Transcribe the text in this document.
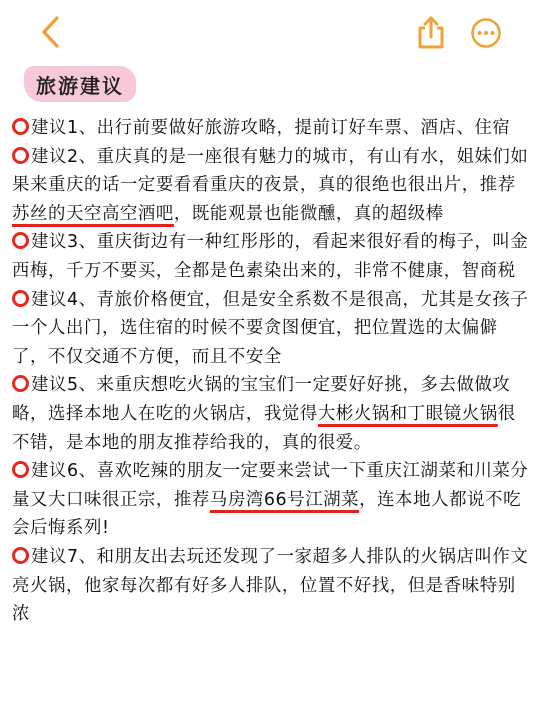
旅游建议

建议1、出行前要做好旅游攻略，提前订好车票、酒店、住宿

建议2、重庆真的是一座很有魅力的城市，有山有水，姐妹们如果来重庆的话一定要看看重庆的夜景，真的很绝也很出片，推荐苏丝的天空高空酒吧，既能观景也能微醺，真的超级棒

建议3、重庆街边有一种红彤彤的，看起来很好看的梅子，叫金西梅，千万不要买，全都是色素染出来的，非常不健康，智商税

建议4、青旅价格便宜，但是安全系数不是很高，尤其是女孩子一个人出门，选住宿的时候不要贪图便宜，把位置选的太偏僻了，不仅交通不方便，而且不安全

建议5、来重庆想吃火锅的宝宝们一定要好好挑，多去做做攻略，选择本地人在吃的火锅店，我觉得大彬火锅和丁眼镜火锅很不错，是本地的朋友推荐给我的，真的很爱。

建议6、喜欢吃辣的朋友一定要来尝试一下重庆江湖菜和川菜分量又大口味很正宗，推荐马房湾66号江湖菜，连本地人都说不吃会后悔系列!

建议7、和朋友出去玩还发现了一家超多人排队的火锅店叫作文亮火锅，他家每次都有好多人排队，位置不好找，但是香味特别浓
